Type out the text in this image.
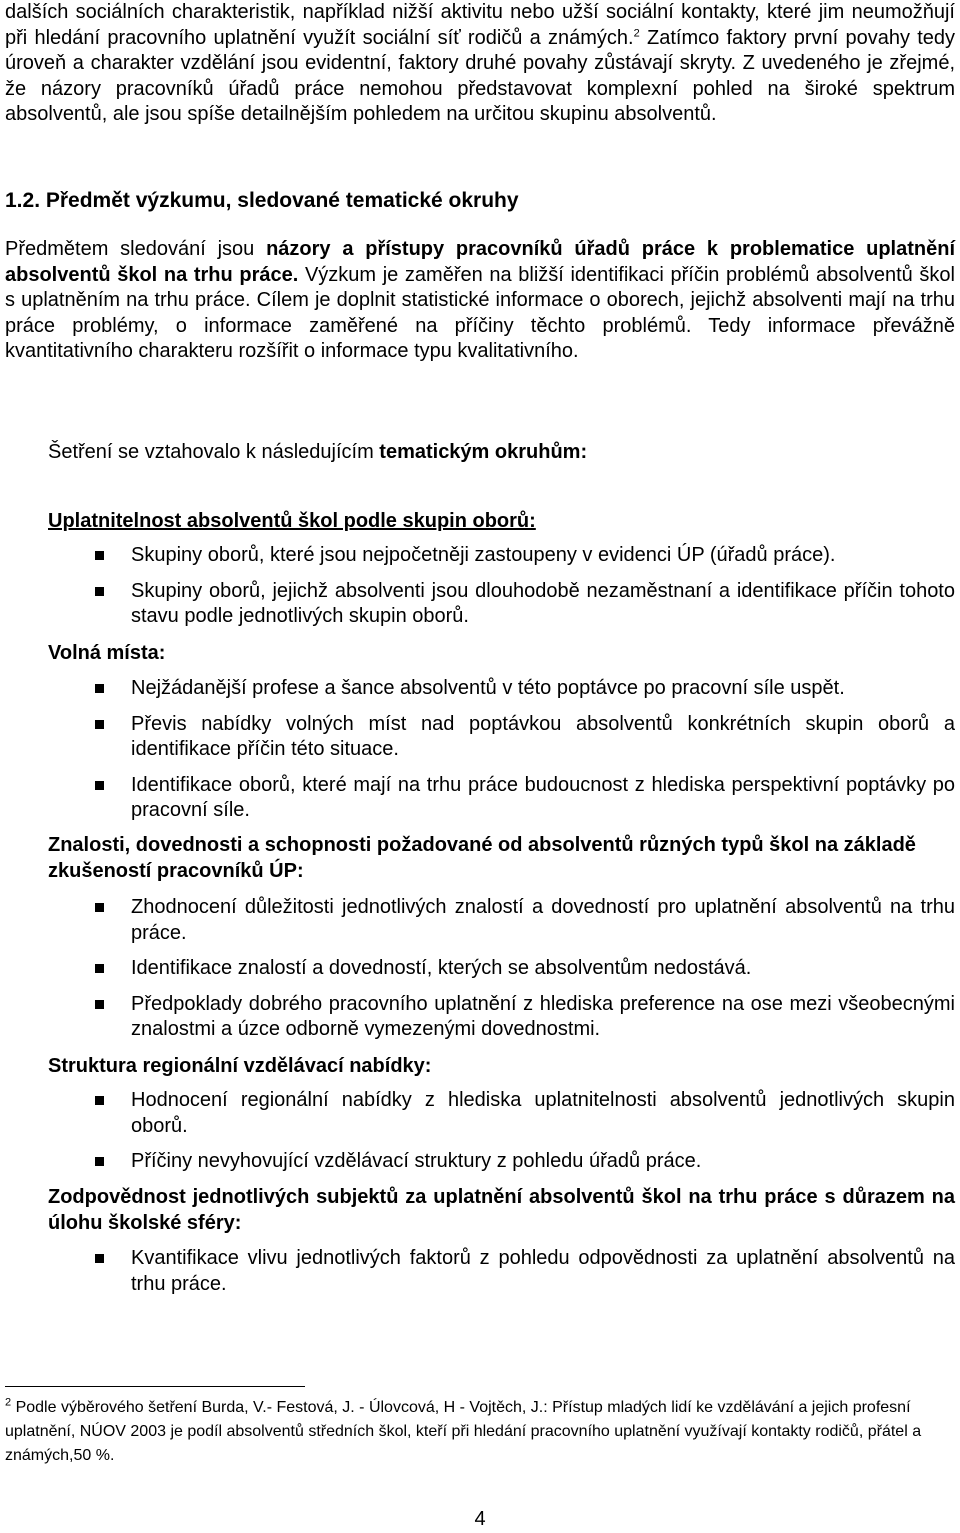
dalších sociálních charakteristik, například nižší aktivitu nebo užší sociální kontakty, které jim neumožňují při hledání pracovního uplatnění využít sociální síť rodičů a známých.$^2$ Zatímco faktory první povahy tedy úroveň a charakter vzdělání jsou evidentní, faktory druhé povahy zůstávají skryty. Z uvedeného je zřejmé, že názory pracovníků úřadů práce nemohou představovat komplexní pohled na široké spektrum absolventů, ale jsou spíše detailnějším pohledem na určitou skupinu absolventů.

1.2. Předmět výzkumu, sledované tematické okruhy

Předmětem sledování jsou názory a přístupy pracovníků úřadů práce k problematice uplatnění absolventů škol na trhu práce. Výzkum je zaměřen na bližší identifikaci příčin problémů absolventů škol s uplatněním na trhu práce. Cílem je doplnit statistické informace o oborech, jejichž absolventi mají na trhu práce problémy, o informace zaměřené na příčiny těchto problémů. Tedy informace převážně kvantitativního charakteru rozšířit o informace typu kvalitativního.

Šetření se vztahovalo k následujícím tematickým okruhům:

Uplatnitelnost absolventů škol podle skupin oborů:

Skupiny oborů, které jsou nejpočetněji zastoupeny v evidenci ÚP (úřadů práce).
Skupiny oborů, jejichž absolventi jsou dlouhodobě nezaměstnaní a identifikace příčin tohoto stavu podle jednotlivých skupin oborů.

Volná místa:

Nejžádanější profese a šance absolventů v této poptávce po pracovní síle uspět.
Převis nabídky volných míst nad poptávkou absolventů konkrétních skupin oborů a identifikace příčin této situace.
Identifikace oborů, které mají na trhu práce budoucnost z hlediska perspektivní poptávky po pracovní síle.

Znalosti, dovednosti a schopnosti požadované od absolventů různých typů škol na základě zkušeností pracovníků ÚP:

Zhodnocení důležitosti jednotlivých znalostí a dovedností pro uplatnění absolventů na trhu práce.
Identifikace znalostí a dovedností, kterých se absolventům nedostává.
Předpoklady dobrého pracovního uplatnění z hlediska preference na ose mezi všeobecnými znalostmi a úzce odborně vymezenými dovednostmi.

Struktura regionální vzdělávací nabídky:

Hodnocení regionální nabídky z hlediska uplatnitelnosti absolventů jednotlivých skupin oborů.
Příčiny nevyhovující vzdělávací struktury z pohledu úřadů práce.

Zodpovědnost jednotlivých subjektů za uplatnění absolventů škol na trhu práce s důrazem na úlohu školské sféry:

Kvantifikace vlivu jednotlivých faktorů z pohledu odpovědnosti za uplatnění absolventů na trhu práce.

$^2$ Podle výběrového šetření Burda, V.- Festová, J. - Úlovcová, H - Vojtěch, J.: Přístup mladých lidí ke vzdělávání a jejich profesní uplatnění, NÚOV 2003 je podíl absolventů středních škol, kteří při hledání pracovního uplatnění využívají kontakty rodičů, přátel a známých,50 %.

4
